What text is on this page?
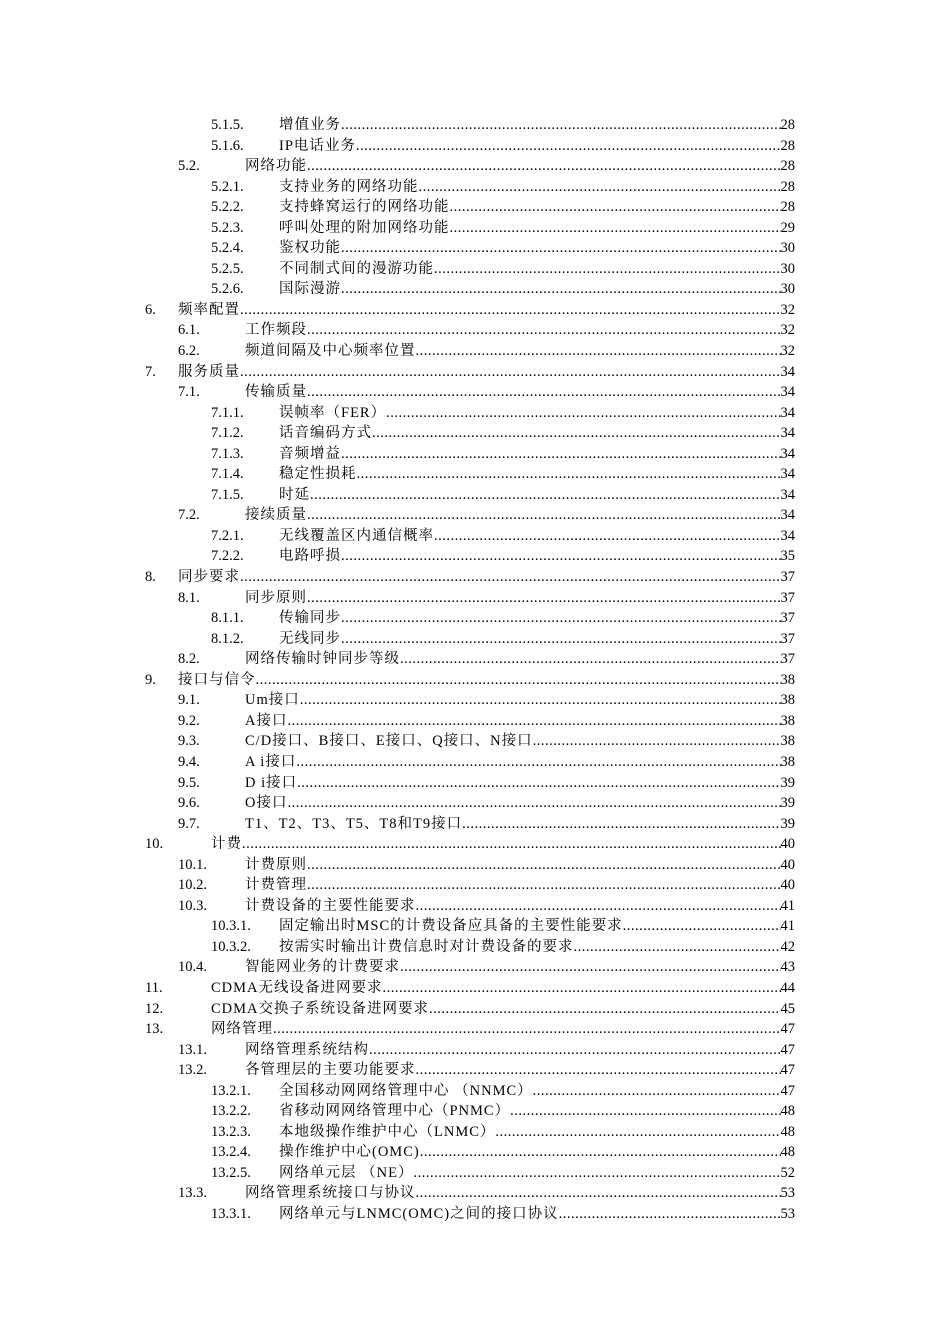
5.1.5. 增值业务 .....	28
5.1.6. IP电话业务 .....	28
5.2.	网络功能 .....	28
5.2.1. 支持业务的网络功能 .....	28
5.2.2. 支持蜂窝运行的网络功能 .....	28
5.2.3. 呼叫处理的附加网络功能 .....	29
5.2.4. 鉴权功能 .....	30
5.2.5. 不同制式间的漫游功能 .....	30
5.2.6. 国际漫游 .....	30
6. 频率配置 .....	32
6.1.	工作频段 .....	32
6.2.	频道间隔及中心频率位置 .....	32
7. 服务质量 .....	34
7.1.	传输质量 .....	34
7.1.1. 误帧率（FER） .....	34
7.1.2. 话音编码方式 .....	34
7.1.3. 音频增益 .....	34
7.1.4. 稳定性损耗 .....	34
7.1.5. 时延 .....	34
7.2.	接续质量 .....	34
7.2.1. 无线覆盖区内通信概率 .....	34
7.2.2. 电路呼损 .....	35
8. 同步要求 .....	37
8.1.	同步原则 .....	37
8.1.1. 传输同步 .....	37
8.1.2. 无线同步 .....	37
8.2.	网络传输时钟同步等级 .....	37
9. 接口与信令 .....	38
9.1.	Um接口 .....	38
9.2.	A接口 .....	38
9.3.	C/D接口、B接口、E接口、Q接口、N接口 .....	38
9.4.	A i接口 .....	38
9.5.	D i接口 .....	39
9.6.	O接口 .....	39
9.7.	T1、T2、T3、T5、T8和T9接口 .....	39
10.	计费 .....	40
10.1.	计费原则 .....	40
10.2.	计费管理 .....	40
10.3.	计费设备的主要性能要求 .....	41
10.3.1. 固定输出时MSC的计费设备应具备的主要性能要求 .....	41
10.3.2. 按需实时输出计费信息时对计费设备的要求 .....	42
10.4.	智能网业务的计费要求 .....	43
11.	CDMA无线设备进网要求 .....	44
12.	CDMA交换子系统设备进网要求 .....	45
13.	网络管理 .....	47
13.1.	网络管理系统结构 .....	47
13.2.	各管理层的主要功能要求 .....	47
13.2.1. 全国移动网网络管理中心 （NNMC） .....	47
13.2.2. 省移动网网络管理中心（PNMC） .....	48
13.2.3. 本地级操作维护中心（LNMC） .....	48
13.2.4. 操作维护中心(OMC) .....	48
13.2.5. 网络单元层 （NE） .....	52
13.3.	网络管理系统接口与协议 .....	53
13.3.1. 网络单元与LNMC(OMC)之间的接口协议 .....	53
